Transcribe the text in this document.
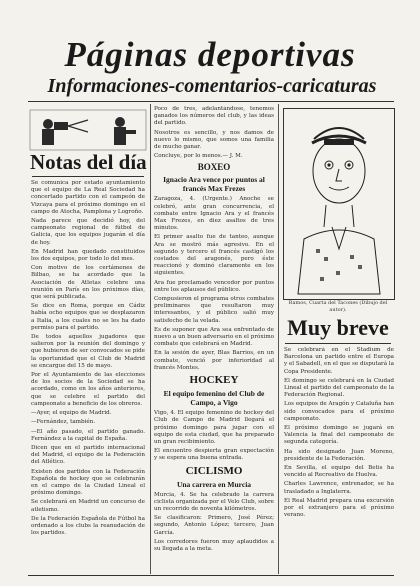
Páginas deportivas
Informaciones-comentarios-caricaturas
Notas del día

Se comunica por estado ayuntamiento que el equipo de La Real Sociedad ha concertado partido con el campeón de Vizcaya para el próximo domingo en el campo de Atocha, Pamplona y Logroño.

Nada parece que decidió hoy, del campeonato regional de fútbol de Galicia, que los equipos jugarán el día de hoy.

En Madrid han quedado constituidos los dos equipos, por todo lo del mes.

Con motivo de los certámenes de Bilbao, se ha acordado que la Asociación de Atletas celebre una reunión en París en los próximos días, que será publicada.

Se dice en Roma, porque en Cádiz había ocho equipos que se desplazaron a Italia, a los cuales no se les ha dado permiso para el partido.

De todos aquellos jugadores que salieron por la reunión del domingo y que hubieron de ser convocados se pide la oportunidad que el Club de Madrid se encargue del 15 de mayo.

Por el Ayuntamiento de las elecciones de los socios de la Sociedad se ha acordado, como en los años anteriores, que se celebre el partido del campeonato a beneficio de los obreros.

—Ayer, el equipo de Madrid.

—Fernández, también.

—El año pasado, el partido ganado. Fernández a la capital de España.

Dicen que en el partido internacional del Madrid, el equipo de la Federación del Atlético.

Existen dos partidos con la Federación Española de hockey que se celebrarán en el campo de la Ciudad Lineal el próximo domingo.

Se celebrará en Madrid un concurso de atletismo.

De la Federación Española de Fútbol ha ordenado a los clubs la reanudación de los partidos.

Poco de tres, adelantándose, tenemos ganados los números del club, y las ideas del partido.

Nosotros es sencillo, y nos damos de nuevo lo mismo, que somos una familia de mucho ganar.

Concluye, por lo menos.— J. M.

BOXEO
Ignacio Ara vence por puntos al francés Max Frezes

Zaragoza, 4. (Urgente.) Anoche se celebró, ante gran concurrencia, el combate entre Ignacio Ara y el francés Max Frezes, en diez asaltos de tres minutos.

El primer asalto fue de tanteo, aunque Ara se mostró más agresivo. En el segundo y tercero el francés castigó los costados del aragonés, pero éste reaccionó y dominó claramente en los siguientes.

Ara fue proclamado vencedor por puntos entre los aplausos del público.

Compusieron el programa otros combates preliminares que resultaron muy interesantes, y el público salió muy satisfecho de la velada.

Es de suponer que Ara sea enfrentado de nuevo a un buen adversario en el próximo combate que celebrará en Madrid.

En la sesión de ayer, Blas Barrios, en un combate, venció por inferioridad al francés Montes.

HOCKEY
El equipo femenino del Club de Campo, a Vigo

Vigo, 4. El equipo femenino de hockey del Club de Campo de Madrid llegará el próximo domingo para jugar con el equipo de esta ciudad, que ha preparado un gran recibimiento.

El encuentro despierta gran expectación y se espera una buena entrada.

CICLISMO
Una carrera en Murcia

Murcia, 4. Se ha celebrado la carrera ciclista organizada por el Velo Club, sobre un recorrido de noventa kilómetros.

Se clasificaron: Primero, José Pérez; segundo, Antonio López; tercero, Juan García.

Los corredores fueron muy aplaudidos a su llegada a la meta.

Ramos, Cuarta del Tacones (Dibujo del autor).
Muy breve

Se celebrará en el Stadium de Barcelona un partido entre el Europa y el Sabadell, en el que se disputará la Copa Presidente.

El domingo se celebrará en la Ciudad Lineal el partido del campeonato de la Federación Regional.

Los equipos de Aragón y Cataluña han sido convocados para el próximo campeonato.

El próximo domingo se jugará en Valencia la final del campeonato de segunda categoría.

Ha sido designado Juan Moreno, presidente de la Federación.

En Sevilla, el equipo del Betis ha vencido al Recreativo de Huelva.

Charles Lawrence, entrenador, se ha trasladado a Inglaterra.

El Real Madrid prepara una excursión por el extranjero para el próximo verano.
